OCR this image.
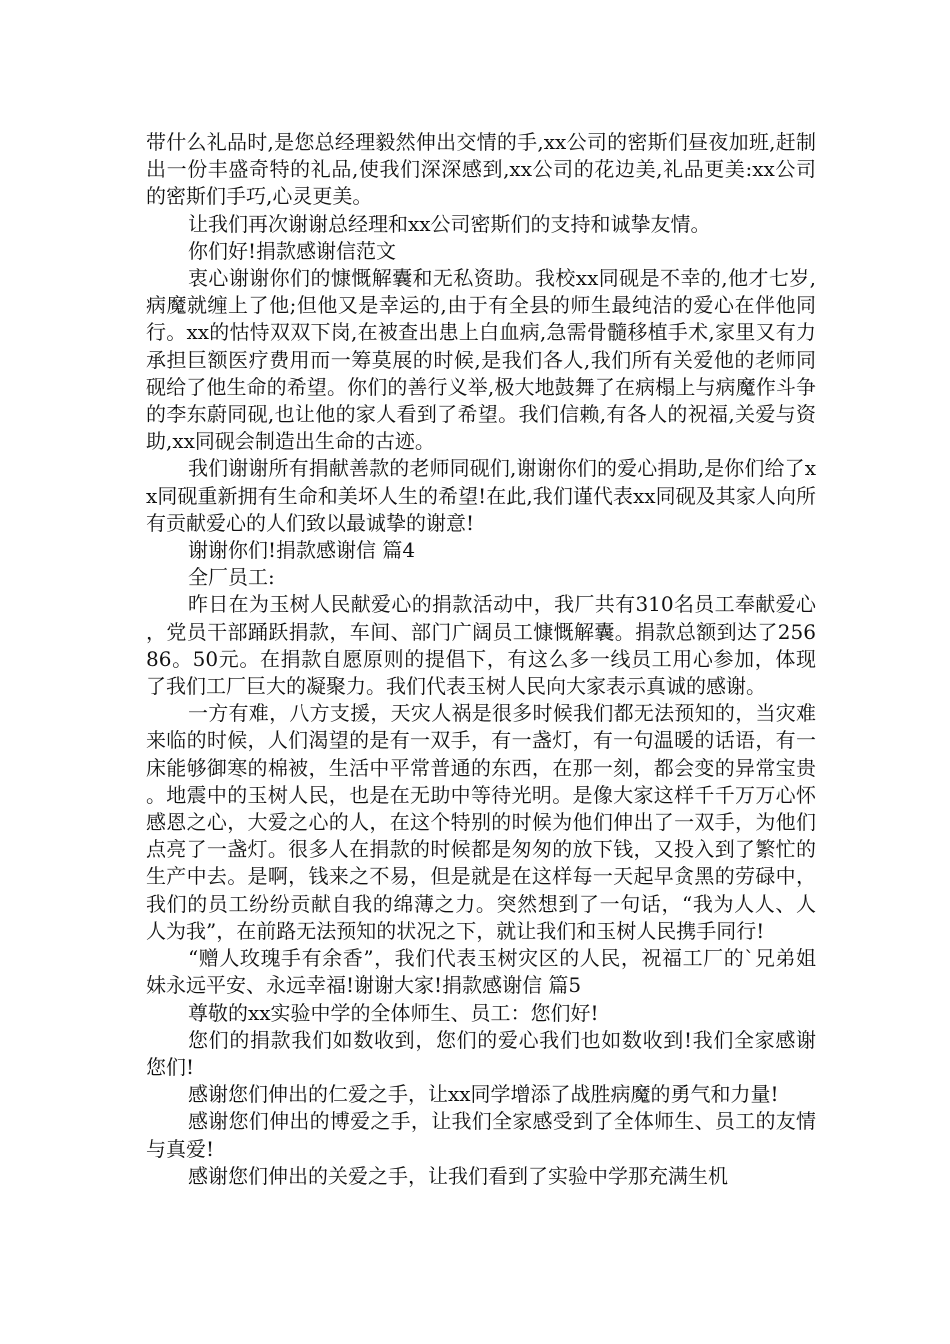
带什么礼品时,是您总经理毅然伸出交情的手,xx公司的密斯们昼夜加班,赶制出一份丰盛奇特的礼品,使我们深深感到,xx公司的花边美,礼品更美:xx公司的密斯们手巧,心灵更美。

让我们再次谢谢总经理和xx公司密斯们的支持和诚挚友情。

你们好!捐款感谢信范文

衷心谢谢你们的慷慨解囊和无私资助。我校xx同砚是不幸的,他才七岁,病魔就缠上了他;但他又是幸运的,由于有全县的师生最纯洁的爱心在伴他同行。xx的怙恃双双下岗,在被查出患上白血病,急需骨髓移植手术,家里又有力承担巨额医疗费用而一筹莫展的时候,是我们各人,我们所有关爱他的老师同砚给了他生命的希望。你们的善行义举,极大地鼓舞了在病榻上与病魔作斗争的李东蔚同砚,也让他的家人看到了希望。我们信赖,有各人的祝福,关爱与资助,xx同砚会制造出生命的古迹。

我们谢谢所有捐献善款的老师同砚们,谢谢你们的爱心捐助,是你们给了xx同砚重新拥有生命和美坏人生的希望!在此,我们谨代表xx同砚及其家人向所有贡献爱心的人们致以最诚挚的谢意!

谢谢你们!捐款感谢信 篇4

全厂员工:

昨日在为玉树人民献爱心的捐款活动中，我厂共有310名员工奉献爱心，党员干部踊跃捐款，车间、部门广阔员工慷慨解囊。捐款总额到达了25686。50元。在捐款自愿原则的提倡下，有这么多一线员工用心参加，体现了我们工厂巨大的凝聚力。我们代表玉树人民向大家表示真诚的感谢。

一方有难，八方支援，天灾人祸是很多时候我们都无法预知的，当灾难来临的时候，人们渴望的是有一双手，有一盏灯，有一句温暖的话语，有一床能够御寒的棉被，生活中平常普通的东西，在那一刻，都会变的异常宝贵。地震中的玉树人民，也是在无助中等待光明。是像大家这样千千万万心怀感恩之心，大爱之心的人，在这个特别的时候为他们伸出了一双手，为他们点亮了一盏灯。很多人在捐款的时候都是匆匆的放下钱，又投入到了繁忙的生产中去。是啊，钱来之不易，但是就是在这样每一天起早贪黑的劳碌中，我们的员工纷纷贡献自我的绵薄之力。突然想到了一句话，“我为人人、人人为我”，在前路无法预知的状况之下，就让我们和玉树人民携手同行!

“赠人玫瑰手有余香”，我们代表玉树灾区的人民，祝福工厂的`兄弟姐妹永远平安、永远幸福!谢谢大家!捐款感谢信 篇5

尊敬的xx实验中学的全体师生、员工：您们好!

您们的捐款我们如数收到，您们的爱心我们也如数收到!我们全家感谢您们!

感谢您们伸出的仁爱之手，让xx同学增添了战胜病魔的勇气和力量!

感谢您们伸出的博爱之手，让我们全家感受到了全体师生、员工的友情与真爱!

感谢您们伸出的关爱之手，让我们看到了实验中学那充满生机
